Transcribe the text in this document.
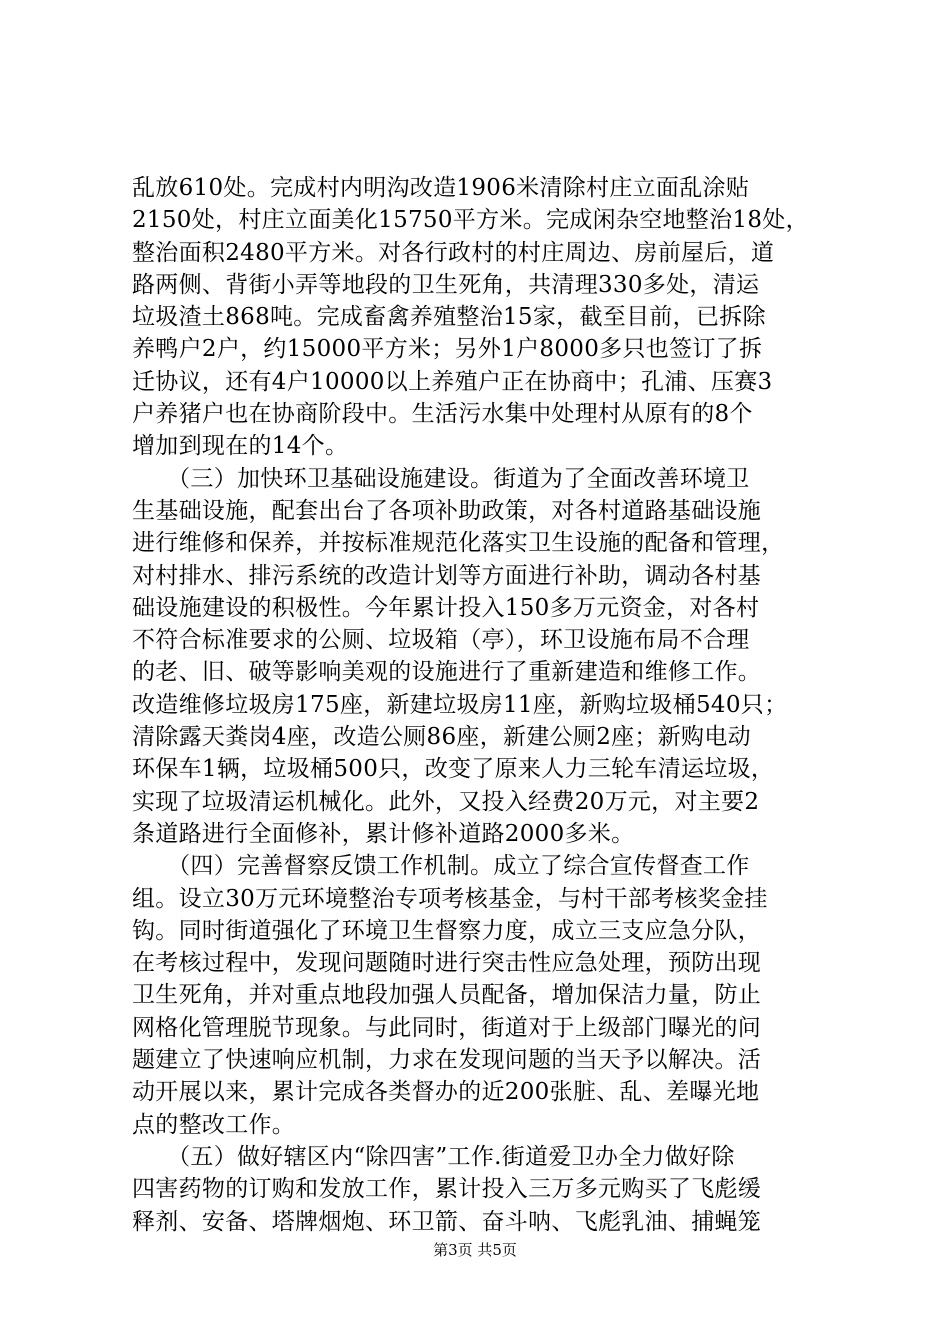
乱放610处。完成村内明沟改造1906米清除村庄立面乱涂贴
2150处，村庄立面美化15750平方米。完成闲杂空地整治18处，
整治面积2480平方米。对各行政村的村庄周边、房前屋后，道
路两侧、背街小弄等地段的卫生死角，共清理330多处，清运
垃圾渣土868吨。完成畜禽养殖整治15家，截至目前，已拆除
养鸭户2户，约15000平方米；另外1户8000多只也签订了拆
迁协议，还有4户10000以上养殖户正在协商中；孔浦、压赛3
户养猪户也在协商阶段中。生活污水集中处理村从原有的8个
增加到现在的14个。
　　（三）加快环卫基础设施建设。街道为了全面改善环境卫
生基础设施，配套出台了各项补助政策，对各村道路基础设施
进行维修和保养，并按标准规范化落实卫生设施的配备和管理，
对村排水、排污系统的改造计划等方面进行补助，调动各村基
础设施建设的积极性。今年累计投入150多万元资金，对各村
不符合标准要求的公厕、垃圾箱（亭），环卫设施布局不合理
的老、旧、破等影响美观的设施进行了重新建造和维修工作。
改造维修垃圾房175座，新建垃圾房11座，新购垃圾桶540只；
清除露天粪岗4座，改造公厕86座，新建公厕2座；新购电动
环保车1辆，垃圾桶500只，改变了原来人力三轮车清运垃圾，
实现了垃圾清运机械化。此外，又投入经费20万元，对主要2
条道路进行全面修补，累计修补道路2000多米。
　　（四）完善督察反馈工作机制。成立了综合宣传督查工作
组。设立30万元环境整治专项考核基金，与村干部考核奖金挂
钩。同时街道强化了环境卫生督察力度，成立三支应急分队，
在考核过程中，发现问题随时进行突击性应急处理，预防出现
卫生死角，并对重点地段加强人员配备，增加保洁力量，防止
网格化管理脱节现象。与此同时，街道对于上级部门曝光的问
题建立了快速响应机制，力求在发现问题的当天予以解决。活
动开展以来，累计完成各类督办的近200张脏、乱、差曝光地
点的整改工作。
　　（五）做好辖区内“除四害”工作.街道爱卫办全力做好除
四害药物的订购和发放工作，累计投入三万多元购买了飞彪缓
释剂、安备、塔牌烟炮、环卫箭、奋斗呐、飞彪乳油、捕蝇笼
第3页 共5页
